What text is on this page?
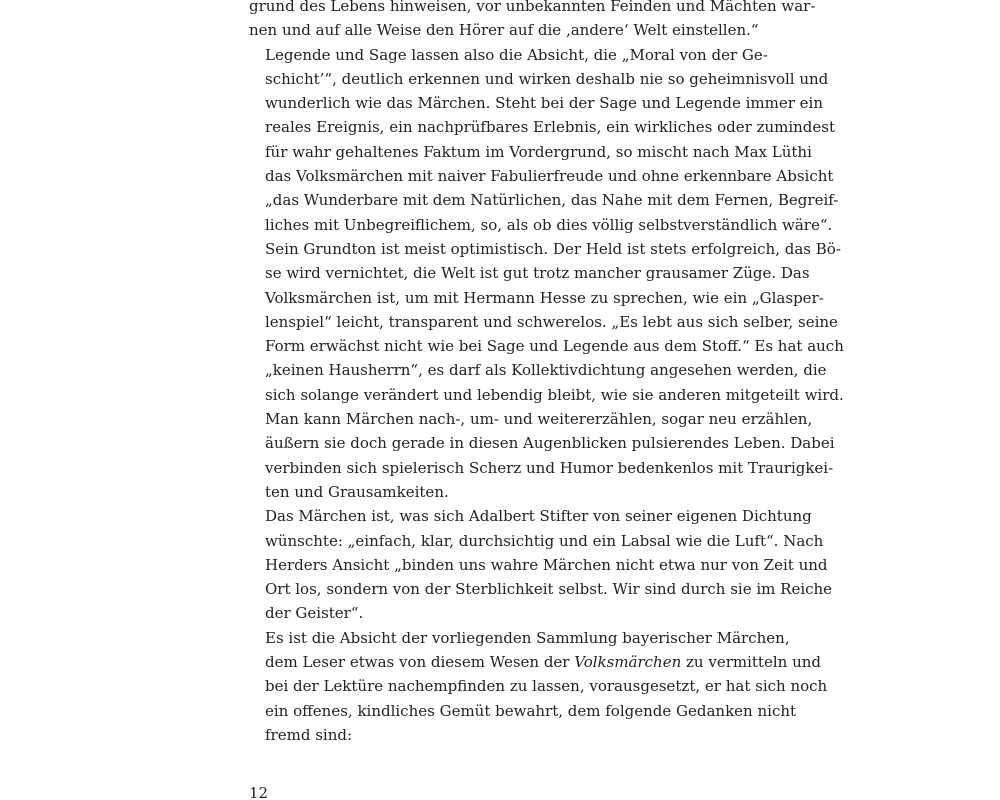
grund des Lebens hinweisen, vor unbekannten Feinden und Mächten war-
nen und auf alle Weise den Hörer auf die ‚andere‘ Welt einstellen.“

Legende und Sage lassen also die Absicht, die „Moral von der Ge-
schicht’“, deutlich erkennen und wirken deshalb nie so geheimnisvoll und
wunderlich wie das Märchen. Steht bei der Sage und Legende immer ein
reales Ereignis, ein nachprüfbares Erlebnis, ein wirkliches oder zumindest
für wahr gehaltenes Faktum im Vordergrund, so mischt nach Max Lüthi
das Volksmärchen mit naiver Fabulierfreude und ohne erkennbare Absicht
„das Wunderbare mit dem Natürlichen, das Nahe mit dem Fernen, Begreif-
liches mit Unbegreiflichem, so, als ob dies völlig selbstverständlich wäre“.
Sein Grundton ist meist optimistisch. Der Held ist stets erfolgreich, das Bö-
se wird vernichtet, die Welt ist gut trotz mancher grausamer Züge. Das
Volksmärchen ist, um mit Hermann Hesse zu sprechen, wie ein „Glasper-
lenspiel“ leicht, transparent und schwerelos. „Es lebt aus sich selber, seine
Form erwächst nicht wie bei Sage und Legende aus dem Stoff.“ Es hat auch
„keinen Hausherrn“, es darf als Kollektivdichtung angesehen werden, die
sich solange verändert und lebendig bleibt, wie sie anderen mitgeteilt wird.
Man kann Märchen nach-, um- und weitererzählen, sogar neu erzählen,
äußern sie doch gerade in diesen Augenblicken pulsierendes Leben. Dabei
verbinden sich spielerisch Scherz und Humor bedenkenlos mit Traurigkei-
ten und Grausamkeiten.

Das Märchen ist, was sich Adalbert Stifter von seiner eigenen Dichtung
wünschte: „einfach, klar, durchsichtig und ein Labsal wie die Luft“. Nach
Herders Ansicht „binden uns wahre Märchen nicht etwa nur von Zeit und
Ort los, sondern von der Sterblichkeit selbst. Wir sind durch sie im Reiche
der Geister“.

Es ist die Absicht der vorliegenden Sammlung bayerischer Märchen,
dem Leser etwas von diesem Wesen der Volksmärchen zu vermitteln und
bei der Lektüre nachempfinden zu lassen, vorausgesetzt, er hat sich noch
ein offenes, kindliches Gemüt bewahrt, dem folgende Gedanken nicht
fremd sind:

12
